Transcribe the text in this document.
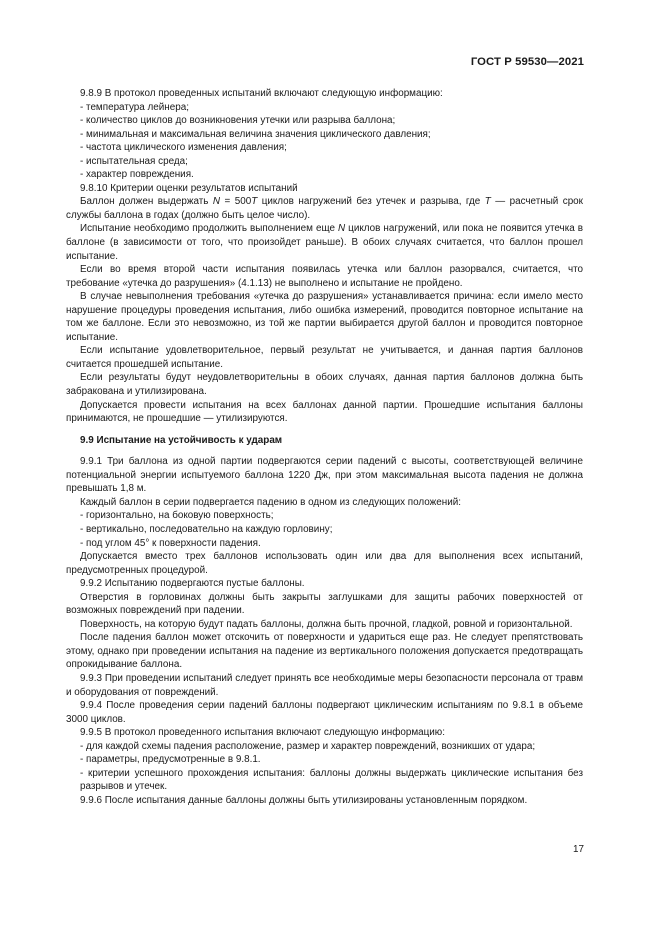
ГОСТ Р 59530—2021

9.8.9 В протокол проведенных испытаний включают следующую информацию:

- температура лейнера;

- количество циклов до возникновения утечки или разрыва баллона;

- минимальная и максимальная величина значения циклического давления;

- частота циклического изменения давления;

- испытательная среда;

- характер повреждения.

9.8.10 Критерии оценки результатов испытаний

Баллон должен выдержать N = 500T циклов нагружений без утечек и разрыва, где T — расчетный срок службы баллона в годах (должно быть целое число).

Испытание необходимо продолжить выполнением еще N циклов нагружений, или пока не появится утечка в баллоне (в зависимости от того, что произойдет раньше). В обоих случаях считается, что баллон прошел испытание.

Если во время второй части испытания появилась утечка или баллон разорвался, считается, что требование «утечка до разрушения» (4.1.13) не выполнено и испытание не пройдено.

В случае невыполнения требования «утечка до разрушения» устанавливается причина: если имело место нарушение процедуры проведения испытания, либо ошибка измерений, проводится повторное испытание на том же баллоне. Если это невозможно, из той же партии выбирается другой баллон и проводится повторное испытание.

Если испытание удовлетворительное, первый результат не учитывается, и данная партия баллонов считается прошедшей испытание.

Если результаты будут неудовлетворительны в обоих случаях, данная партия баллонов должна быть забракована и утилизирована.

Допускается провести испытания на всех баллонах данной партии. Прошедшие испытания баллоны принимаются, не прошедшие — утилизируются.

9.9 Испытание на устойчивость к ударам

9.9.1 Три баллона из одной партии подвергаются серии падений с высоты, соответствующей величине потенциальной энергии испытуемого баллона 1220 Дж, при этом максимальная высота падения не должна превышать 1,8 м.

Каждый баллон в серии подвергается падению в одном из следующих положений:

- горизонтально, на боковую поверхность;

- вертикально, последовательно на каждую горловину;

- под углом 45° к поверхности падения.

Допускается вместо трех баллонов использовать один или два для выполнения всех испытаний, предусмотренных процедурой.

9.9.2 Испытанию подвергаются пустые баллоны.

Отверстия в горловинах должны быть закрыты заглушками для защиты рабочих поверхностей от возможных повреждений при падении.

Поверхность, на которую будут падать баллоны, должна быть прочной, гладкой, ровной и горизонтальной.

После падения баллон может отскочить от поверхности и удариться еще раз. Не следует препятствовать этому, однако при проведении испытания на падение из вертикального положения допускается предотвращать опрокидывание баллона.

9.9.3 При проведении испытаний следует принять все необходимые меры безопасности персонала от травм и оборудования от повреждений.

9.9.4 После проведения серии падений баллоны подвергают циклическим испытаниям по 9.8.1 в объеме 3000 циклов.

9.9.5 В протокол проведенного испытания включают следующую информацию:

- для каждой схемы падения расположение, размер и характер повреждений, возникших от удара;

- параметры, предусмотренные в 9.8.1.

- критерии успешного прохождения испытания: баллоны должны выдержать циклические испытания без разрывов и утечек.

9.9.6 После испытания данные баллоны должны быть утилизированы установленным порядком.

17
